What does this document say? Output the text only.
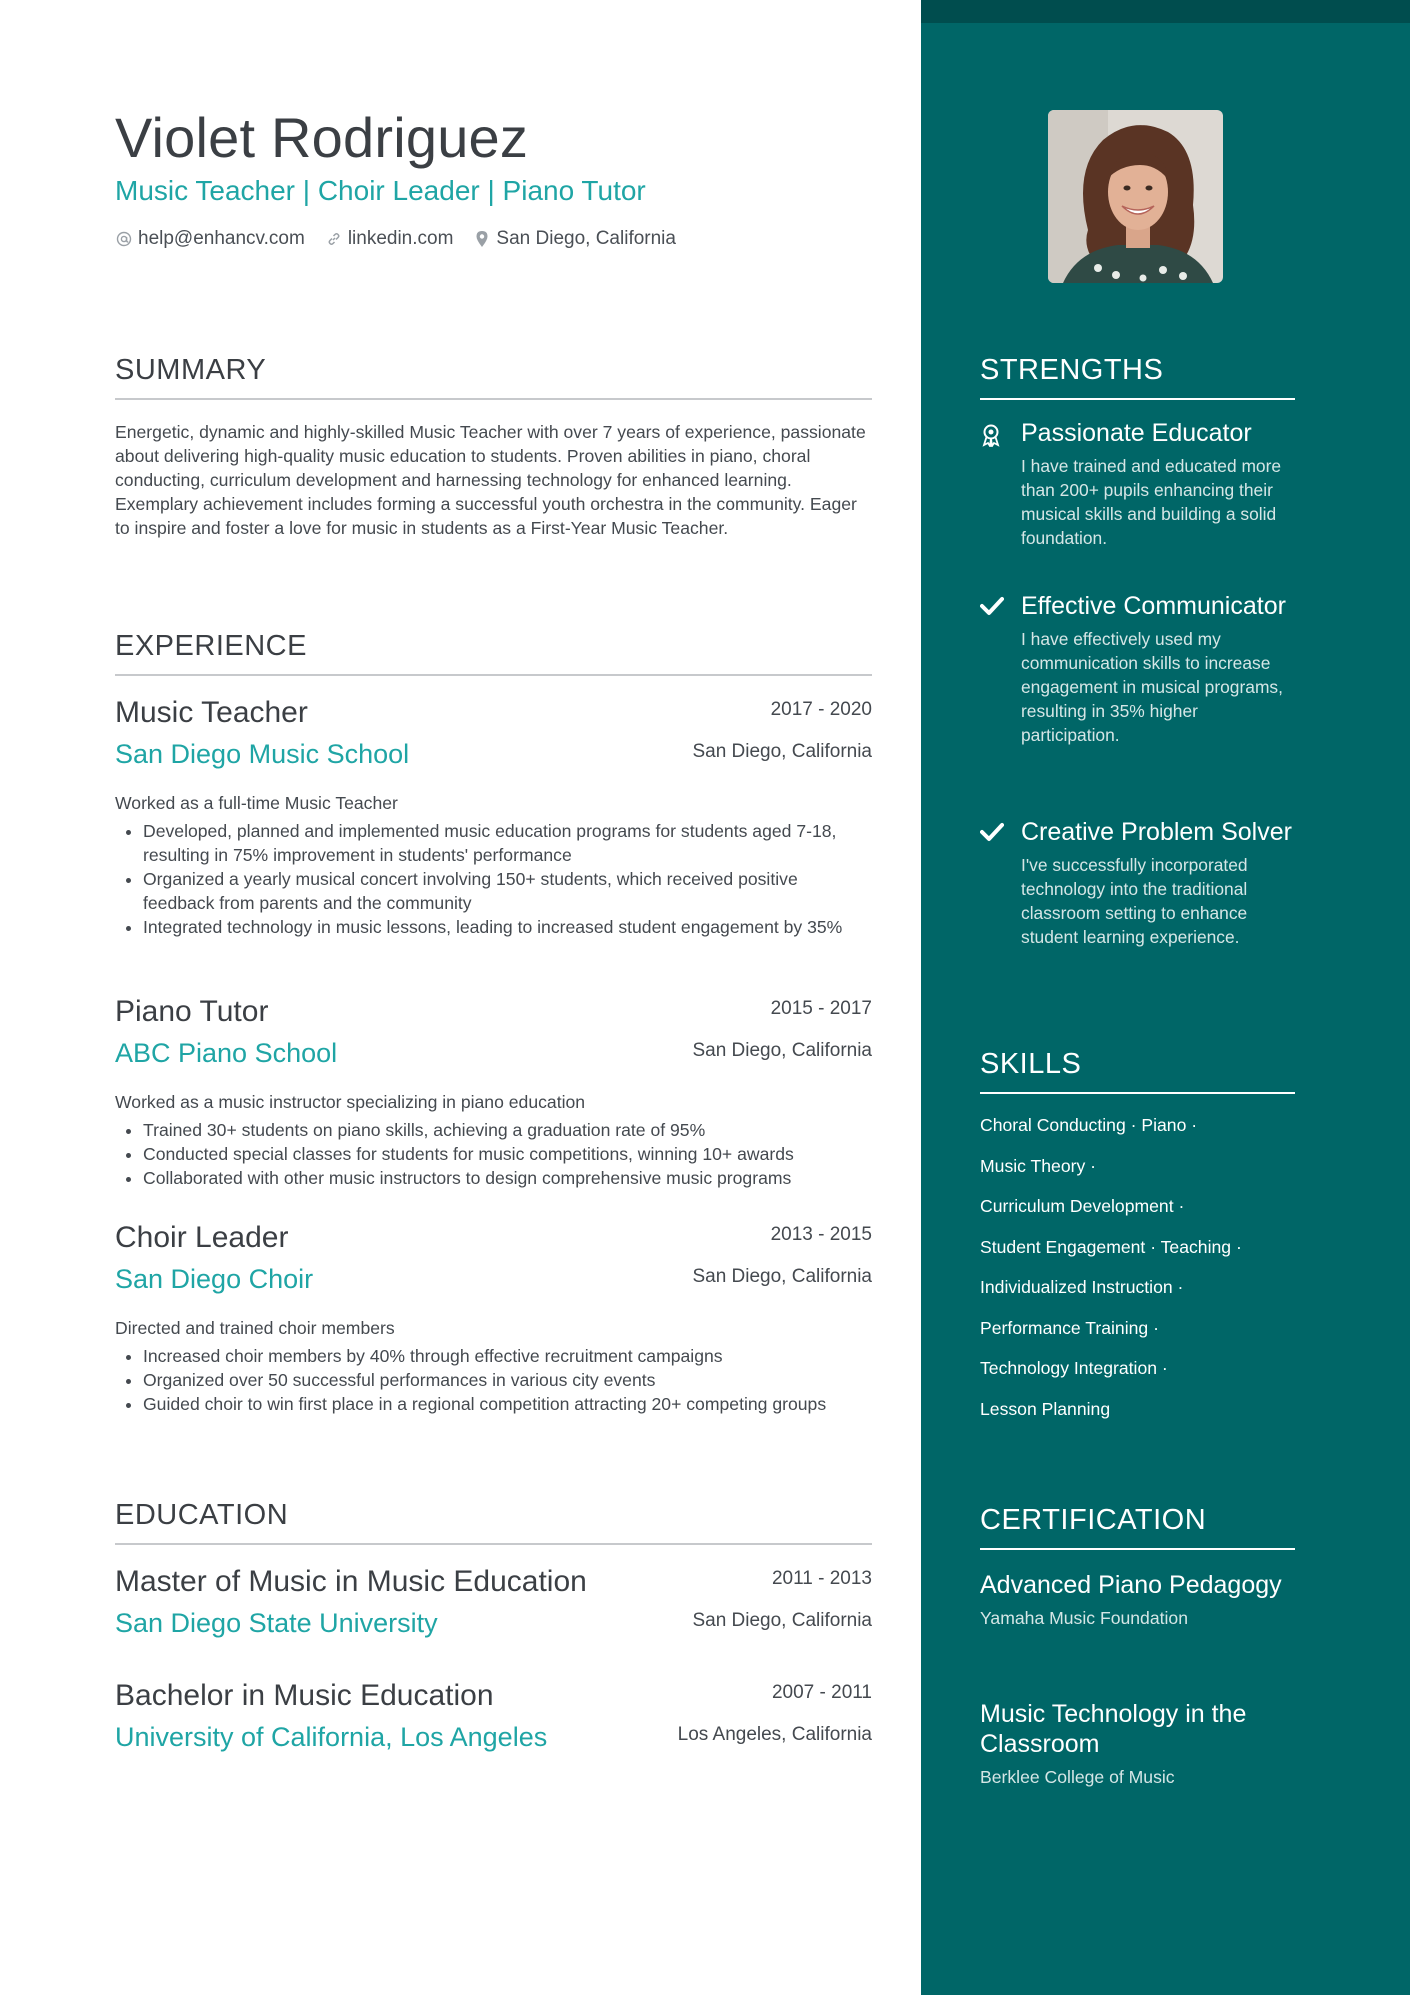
Violet Rodriguez
Music Teacher | Choir Leader | Piano Tutor
help@enhancv.com linkedin.com San Diego, California
SUMMARY
Energetic, dynamic and highly-skilled Music Teacher with over 7 years of experience, passionate about delivering high-quality music education to students. Proven abilities in piano, choral conducting, curriculum development and harnessing technology for enhanced learning. Exemplary achievement includes forming a successful youth orchestra in the community. Eager to inspire and foster a love for music in students as a First-Year Music Teacher.
EXPERIENCE
Music Teacher	2017 - 2020
San Diego Music School	San Diego, California
Worked as a full-time Music Teacher
• Developed, planned and implemented music education programs for students aged 7-18, resulting in 75% improvement in students' performance
• Organized a yearly musical concert involving 150+ students, which received positive feedback from parents and the community
• Integrated technology in music lessons, leading to increased student engagement by 35%
Piano Tutor	2015 - 2017
ABC Piano School	San Diego, California
Worked as a music instructor specializing in piano education
• Trained 30+ students on piano skills, achieving a graduation rate of 95%
• Conducted special classes for students for music competitions, winning 10+ awards
• Collaborated with other music instructors to design comprehensive music programs
Choir Leader	2013 - 2015
San Diego Choir	San Diego, California
Directed and trained choir members
• Increased choir members by 40% through effective recruitment campaigns
• Organized over 50 successful performances in various city events
• Guided choir to win first place in a regional competition attracting 20+ competing groups
EDUCATION
Master of Music in Music Education	2011 - 2013
San Diego State University	San Diego, California
Bachelor in Music Education	2007 - 2011
University of California, Los Angeles	Los Angeles, California
STRENGTHS
Passionate Educator
I have trained and educated more than 200+ pupils enhancing their musical skills and building a solid foundation.
Effective Communicator
I have effectively used my communication skills to increase engagement in musical programs, resulting in 35% higher participation.
Creative Problem Solver
I've successfully incorporated technology into the traditional classroom setting to enhance student learning experience.
SKILLS
Choral Conducting · Piano ·
Music Theory ·
Curriculum Development ·
Student Engagement · Teaching ·
Individualized Instruction ·
Performance Training ·
Technology Integration ·
Lesson Planning
CERTIFICATION
Advanced Piano Pedagogy
Yamaha Music Foundation
Music Technology in the Classroom
Berklee College of Music
